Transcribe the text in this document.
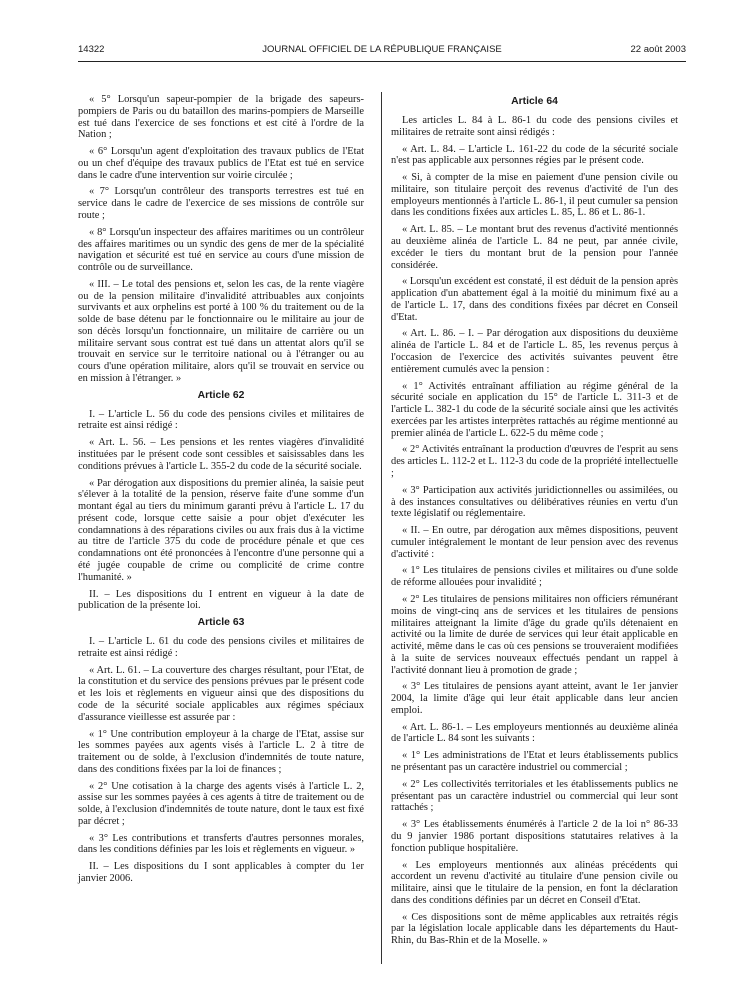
14322	JOURNAL OFFICIEL DE LA RÉPUBLIQUE FRANÇAISE	22 août 2003

« 5° Lorsqu'un sapeur-pompier de la brigade des sapeurs-pompiers de Paris ou du bataillon des marins-pompiers de Marseille est tué dans l'exercice de ses fonctions et est cité à l'ordre de la Nation ;

« 6° Lorsqu'un agent d'exploitation des travaux publics de l'Etat ou un chef d'équipe des travaux publics de l'Etat est tué en service dans le cadre d'une intervention sur voirie circulée ;

« 7° Lorsqu'un contrôleur des transports terrestres est tué en service dans le cadre de l'exercice de ses missions de contrôle sur route ;

« 8° Lorsqu'un inspecteur des affaires maritimes ou un contrôleur des affaires maritimes ou un syndic des gens de mer de la spécialité navigation et sécurité est tué en service au cours d'une mission de contrôle ou de surveillance.

« III. – Le total des pensions et, selon les cas, de la rente viagère ou de la pension militaire d'invalidité attribuables aux conjoints survivants et aux orphelins est porté à 100 % du traitement ou de la solde de base détenu par le fonctionnaire ou le militaire au jour de son décès lorsqu'un fonctionnaire, un militaire de carrière ou un militaire servant sous contrat est tué dans un attentat alors qu'il se trouvait en service sur le territoire national ou à l'étranger ou au cours d'une opération militaire, alors qu'il se trouvait en service ou en mission à l'étranger. »

Article 62

I. – L'article L. 56 du code des pensions civiles et militaires de retraite est ainsi rédigé :

« Art. L. 56. – Les pensions et les rentes viagères d'invalidité instituées par le présent code sont cessibles et saisissables dans les conditions prévues à l'article L. 355-2 du code de la sécurité sociale.

« Par dérogation aux dispositions du premier alinéa, la saisie peut s'élever à la totalité de la pension, réserve faite d'une somme d'un montant égal au tiers du minimum garanti prévu à l'article L. 17 du présent code, lorsque cette saisie a pour objet d'exécuter les condamnations à des réparations civiles ou aux frais dus à la victime au titre de l'article 375 du code de procédure pénale et que ces condamnations ont été prononcées à l'encontre d'une personne qui a été jugée coupable de crime ou complicité de crime contre l'humanité. »

II. – Les dispositions du I entrent en vigueur à la date de publication de la présente loi.

Article 63

I. – L'article L. 61 du code des pensions civiles et militaires de retraite est ainsi rédigé :

« Art. L. 61. – La couverture des charges résultant, pour l'Etat, de la constitution et du service des pensions prévues par le présent code et les lois et règlements en vigueur ainsi que des dispositions du code de la sécurité sociale applicables aux régimes spéciaux d'assurance vieillesse est assurée par :

« 1° Une contribution employeur à la charge de l'Etat, assise sur les sommes payées aux agents visés à l'article L. 2 à titre de traitement ou de solde, à l'exclusion d'indemnités de toute nature, dans des conditions fixées par la loi de finances ;

« 2° Une cotisation à la charge des agents visés à l'article L. 2, assise sur les sommes payées à ces agents à titre de traitement ou de solde, à l'exclusion d'indemnités de toute nature, dont le taux est fixé par décret ;

« 3° Les contributions et transferts d'autres personnes morales, dans les conditions définies par les lois et règlements en vigueur. »

II. – Les dispositions du I sont applicables à compter du 1er janvier 2006.

Article 64

Les articles L. 84 à L. 86-1 du code des pensions civiles et militaires de retraite sont ainsi rédigés :

« Art. L. 84. – L'article L. 161-22 du code de la sécurité sociale n'est pas applicable aux personnes régies par le présent code.

« Si, à compter de la mise en paiement d'une pension civile ou militaire, son titulaire perçoit des revenus d'activité de l'un des employeurs mentionnés à l'article L. 86-1, il peut cumuler sa pension dans les conditions fixées aux articles L. 85, L. 86 et L. 86-1.

« Art. L. 85. – Le montant brut des revenus d'activité mentionnés au deuxième alinéa de l'article L. 84 ne peut, par année civile, excéder le tiers du montant brut de la pension pour l'année considérée.

« Lorsqu'un excédent est constaté, il est déduit de la pension après application d'un abattement égal à la moitié du minimum fixé au a de l'article L. 17, dans des conditions fixées par décret en Conseil d'Etat.

« Art. L. 86. – I. – Par dérogation aux dispositions du deuxième alinéa de l'article L. 84 et de l'article L. 85, les revenus perçus à l'occasion de l'exercice des activités suivantes peuvent être entièrement cumulés avec la pension :

« 1° Activités entraînant affiliation au régime général de la sécurité sociale en application du 15° de l'article L. 311-3 et de l'article L. 382-1 du code de la sécurité sociale ainsi que les activités exercées par les artistes interprètes rattachés au régime mentionné au premier alinéa de l'article L. 622-5 du même code ;

« 2° Activités entraînant la production d'œuvres de l'esprit au sens des articles L. 112-2 et L. 112-3 du code de la propriété intellectuelle ;

« 3° Participation aux activités juridictionnelles ou assimilées, ou à des instances consultatives ou délibératives réunies en vertu d'un texte législatif ou réglementaire.

« II. – En outre, par dérogation aux mêmes dispositions, peuvent cumuler intégralement le montant de leur pension avec des revenus d'activité :

« 1° Les titulaires de pensions civiles et militaires ou d'une solde de réforme allouées pour invalidité ;

« 2° Les titulaires de pensions militaires non officiers rémunérant moins de vingt-cinq ans de services et les titulaires de pensions militaires atteignant la limite d'âge du grade qu'ils détenaient en activité ou la limite de durée de services qui leur était applicable en activité, même dans le cas où ces pensions se trouveraient modifiées à la suite de services nouveaux effectués pendant un rappel à l'activité donnant lieu à promotion de grade ;

« 3° Les titulaires de pensions ayant atteint, avant le 1er janvier 2004, la limite d'âge qui leur était applicable dans leur ancien emploi.

« Art. L. 86-1. – Les employeurs mentionnés au deuxième alinéa de l'article L. 84 sont les suivants :

« 1° Les administrations de l'Etat et leurs établissements publics ne présentant pas un caractère industriel ou commercial ;

« 2° Les collectivités territoriales et les établissements publics ne présentant pas un caractère industriel ou commercial qui leur sont rattachés ;

« 3° Les établissements énumérés à l'article 2 de la loi n° 86-33 du 9 janvier 1986 portant dispositions statutaires relatives à la fonction publique hospitalière.

« Les employeurs mentionnés aux alinéas précédents qui accordent un revenu d'activité au titulaire d'une pension civile ou militaire, ainsi que le titulaire de la pension, en font la déclaration dans des conditions définies par un décret en Conseil d'Etat.

« Ces dispositions sont de même applicables aux retraités régis par la législation locale applicable dans les départements du Haut-Rhin, du Bas-Rhin et de la Moselle. »
